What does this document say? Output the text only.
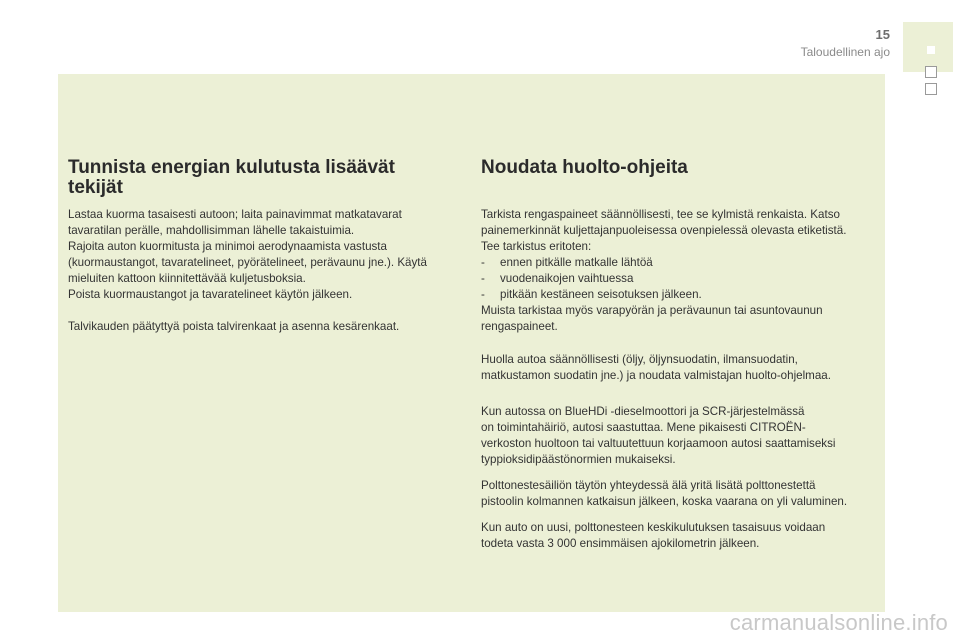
15
Taloudellinen ajo
Tunnista energian kulutusta lisäävät tekijät

Lastaa kuorma tasaisesti autoon; laita painavimmat matkatavarat

tavaratilan perälle, mahdollisimman lähelle takaistuimia.

Rajoita auton kuormitusta ja minimoi aerodynaamista vastusta

(kuormaustangot, tavaratelineet, pyörätelineet, perävaunu jne.). Käytä

mieluiten kattoon kiinnitettävää kuljetusboksia.

Poista kuormaustangot ja tavaratelineet käytön jälkeen.

Talvikauden päätyttyä poista talvirenkaat ja asenna kesärenkaat.

Noudata huolto-ohjeita

Tarkista rengaspaineet säännöllisesti, tee se kylmistä renkaista. Katso

painemerkinnät kuljettajanpuoleisessa ovenpielessä olevasta etiketistä.

Tee tarkistus eritoten:

- ennen pitkälle matkalle lähtöä

- vuodenaikojen vaihtuessa

- pitkään kestäneen seisotuksen jälkeen.

Muista tarkistaa myös varapyörän ja perävaunun tai asuntovaunun

rengaspaineet.

Huolla autoa säännöllisesti (öljy, öljynsuodatin, ilmansuodatin,

matkustamon suodatin jne.) ja noudata valmistajan huolto-ohjelmaa.

Kun autossa on BlueHDi -dieselmoottori ja SCR-järjestelmässä

on toimintahäiriö, autosi saastuttaa. Mene pikaisesti CITROËN-

verkoston huoltoon tai valtuutettuun korjaamoon autosi saattamiseksi

typpioksidipäästönormien mukaiseksi.

Polttonestesäiliön täytön yhteydessä älä yritä lisätä polttonestettä

pistoolin kolmannen katkaisun jälkeen, koska vaarana on yli valuminen.

Kun auto on uusi, polttonesteen keskikulutuksen tasaisuus voidaan

todeta vasta 3 000 ensimmäisen ajokilometrin jälkeen.

carmanualsonline.info
